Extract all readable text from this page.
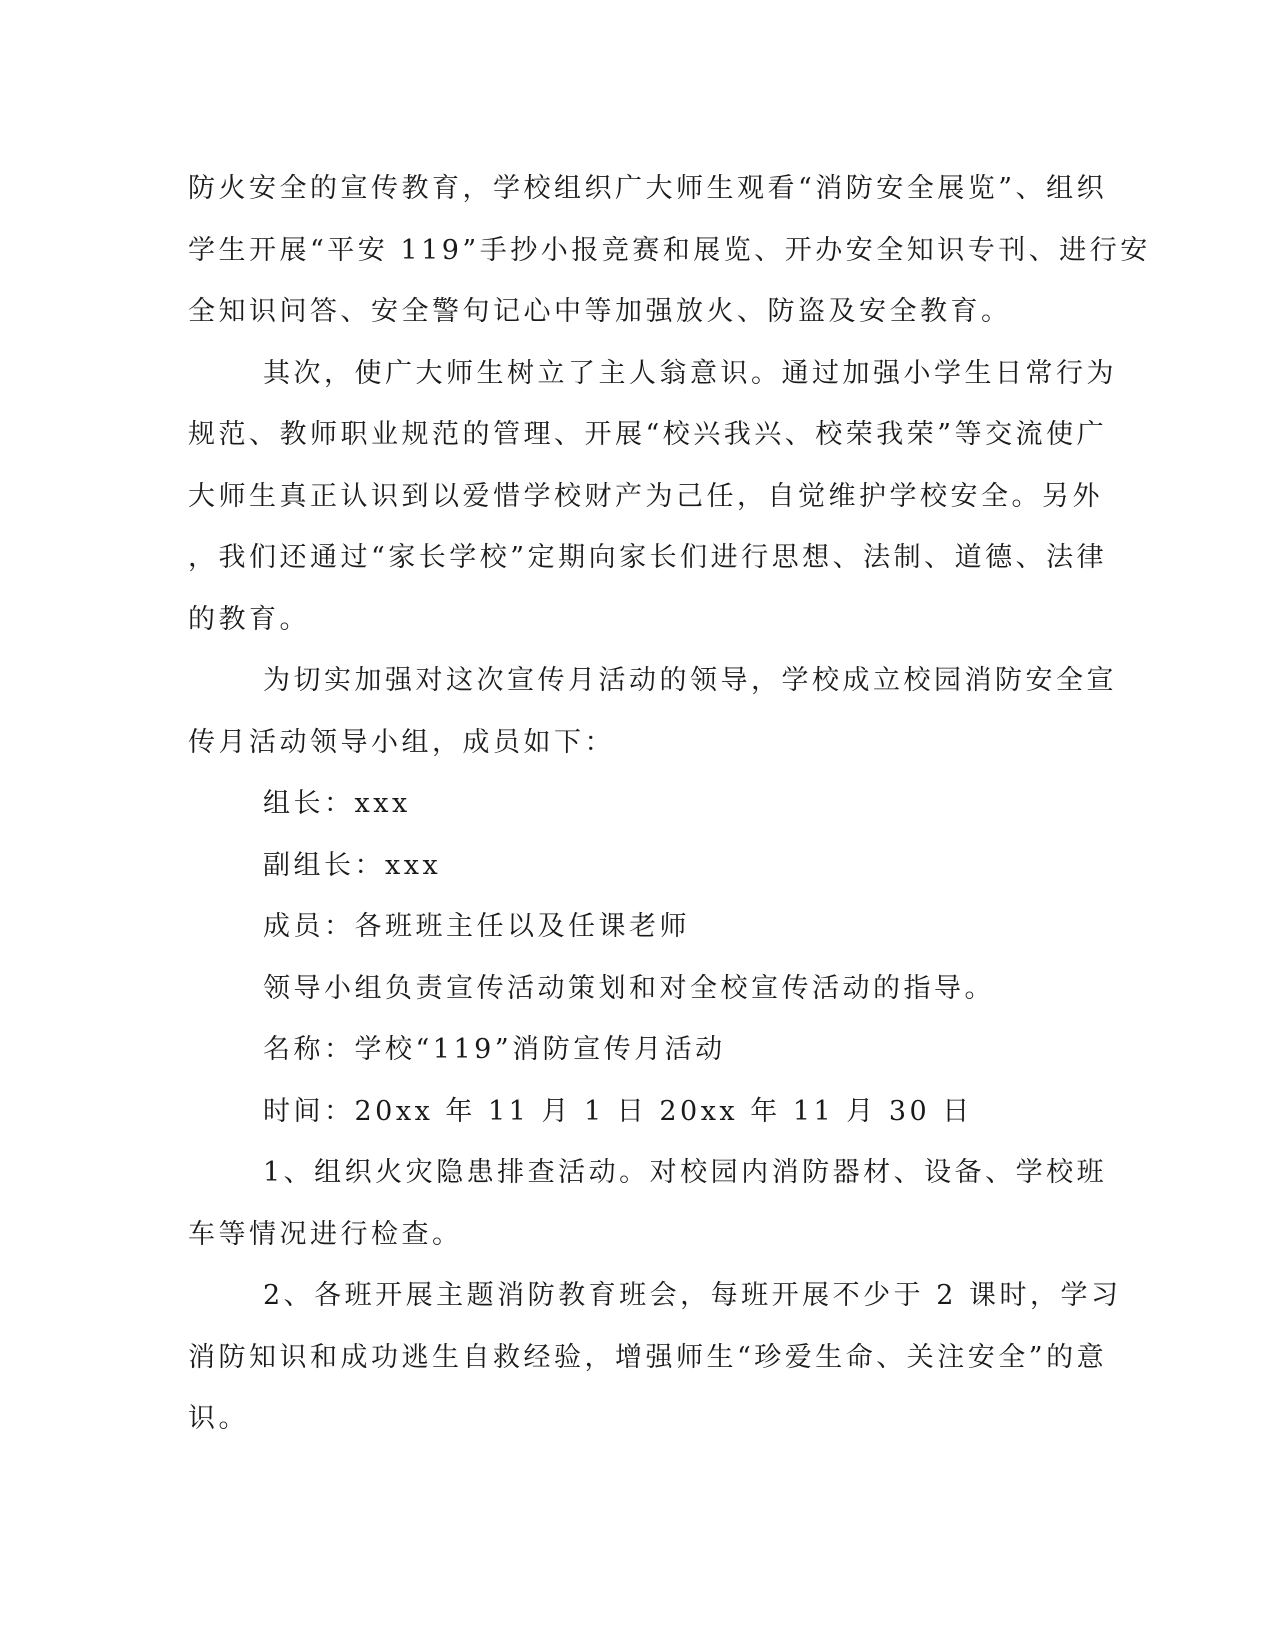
防火安全的宣传教育，学校组织广大师生观看“消防安全展览”、组织
学生开展“平安 119”手抄小报竞赛和展览、开办安全知识专刊、进行安
全知识问答、安全警句记心中等加强放火、防盗及安全教育。
其次，使广大师生树立了主人翁意识。通过加强小学生日常行为
规范、教师职业规范的管理、开展“校兴我兴、校荣我荣”等交流使广
大师生真正认识到以爱惜学校财产为己任，自觉维护学校安全。另外
，我们还通过“家长学校”定期向家长们进行思想、法制、道德、法律
的教育。
为切实加强对这次宣传月活动的领导，学校成立校园消防安全宣
传月活动领导小组，成员如下：
组长：xxx
副组长：xxx
成员：各班班主任以及任课老师
领导小组负责宣传活动策划和对全校宣传活动的指导。
名称：学校“119”消防宣传月活动
时间：20xx 年 11 月 1 日 20xx 年 11 月 30 日
1、组织火灾隐患排查活动。对校园内消防器材、设备、学校班
车等情况进行检查。
2、各班开展主题消防教育班会，每班开展不少于 2 课时，学习
消防知识和成功逃生自救经验，增强师生“珍爱生命、关注安全”的意
识。
